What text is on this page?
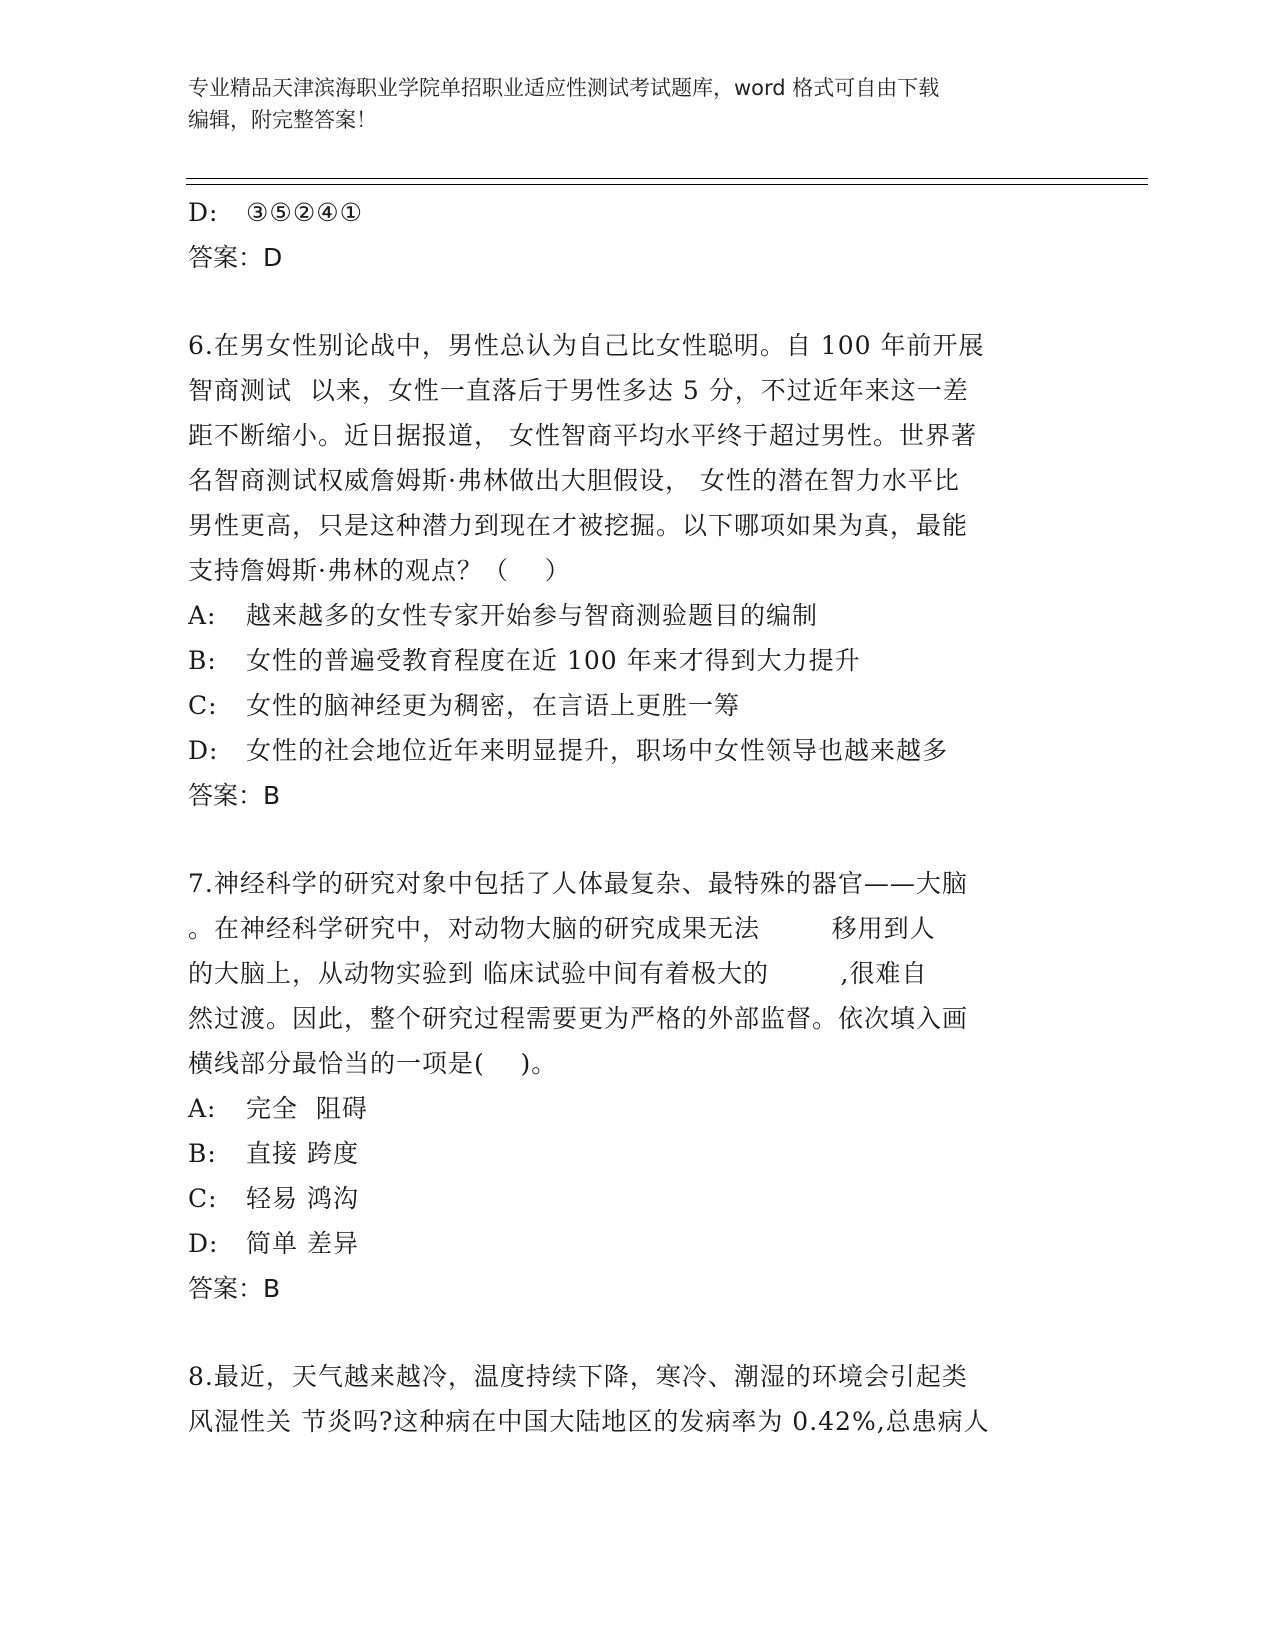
专业精品天津滨海职业学院单招职业适应性测试考试题库，word 格式可自由下载
编辑，附完整答案！
D:	③⑤②④①
答案：D
6.在男女性别论战中，男性总认为自己比女性聪明。自 100 年前开展
智商测试  以来，女性一直落后于男性多达 5 分，不过近年来这一差
距不断缩小。近日据报道， 女性智商平均水平终于超过男性。世界著
名智商测试权威詹姆斯·弗林做出大胆假设， 女性的潜在智力水平比
男性更高，只是这种潜力到现在才被挖掘。以下哪项如果为真，最能
支持詹姆斯·弗林的观点？（    ）
A:	越来越多的女性专家开始参与智商测验题目的编制
B:	女性的普遍受教育程度在近 100 年来才得到大力提升
C:	女性的脑神经更为稠密，在言语上更胜一筹
D:	女性的社会地位近年来明显提升，职场中女性领导也越来越多
答案：B
7.神经科学的研究对象中包括了人体最复杂、最特殊的器官——大脑
。在神经科学研究中，对动物大脑的研究成果无法        移用到人
的大脑上，从动物实验到 临床试验中间有着极大的        ,很难自
然过渡。因此，整个研究过程需要更为严格的外部监督。依次填入画
横线部分最恰当的一项是(    )。
A:	完全  阻碍
B:	直接 跨度
C:	轻易 鸿沟
D:	简单 差异
答案：B
8.最近，天气越来越冷，温度持续下降，寒冷、潮湿的环境会引起类
风湿性关 节炎吗?这种病在中国大陆地区的发病率为 0.42%,总患病人
